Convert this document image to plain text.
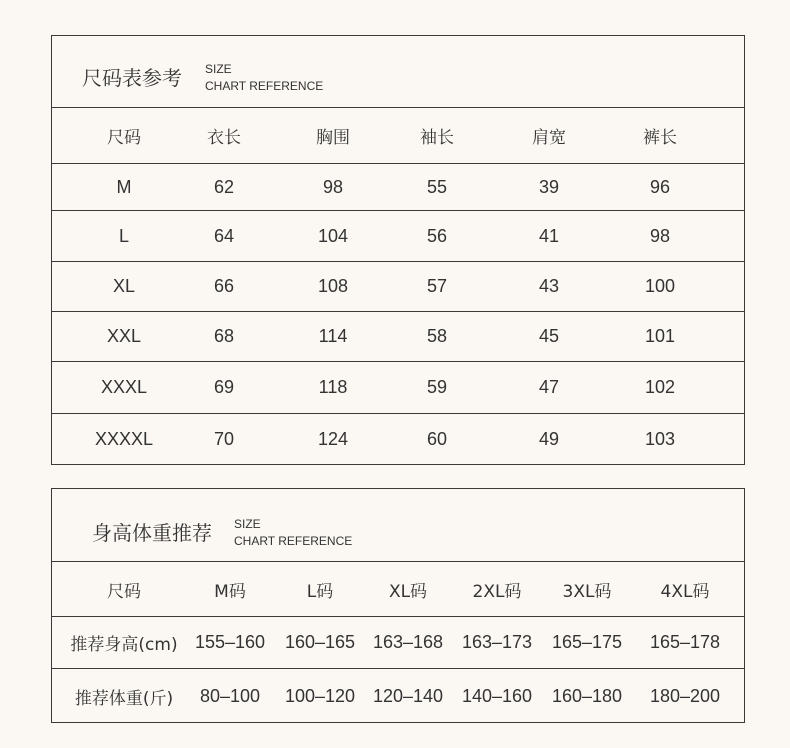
尺码表参考 SIZE
CHART REFERENCE
尺码	衣长	胸围	袖长	肩宽	裤长
M	62	98	55	39	96
L	64	104	56	41	98
XL	66	108	57	43	100
XXL	68	114	58	45	101
XXXL	69	118	59	47	102
XXXXL	70	124	60	49	103
身高体重推荐 SIZE
CHART REFERENCE
尺码	M码	L码	XL码	2XL码 3XL码	4XL码
推荐身高(cm) 155–160 160–165 163–168 163–173 165–175 165–178
推荐体重(斤) 80–100 100–120 120–140 140–160 160–180 180–200
